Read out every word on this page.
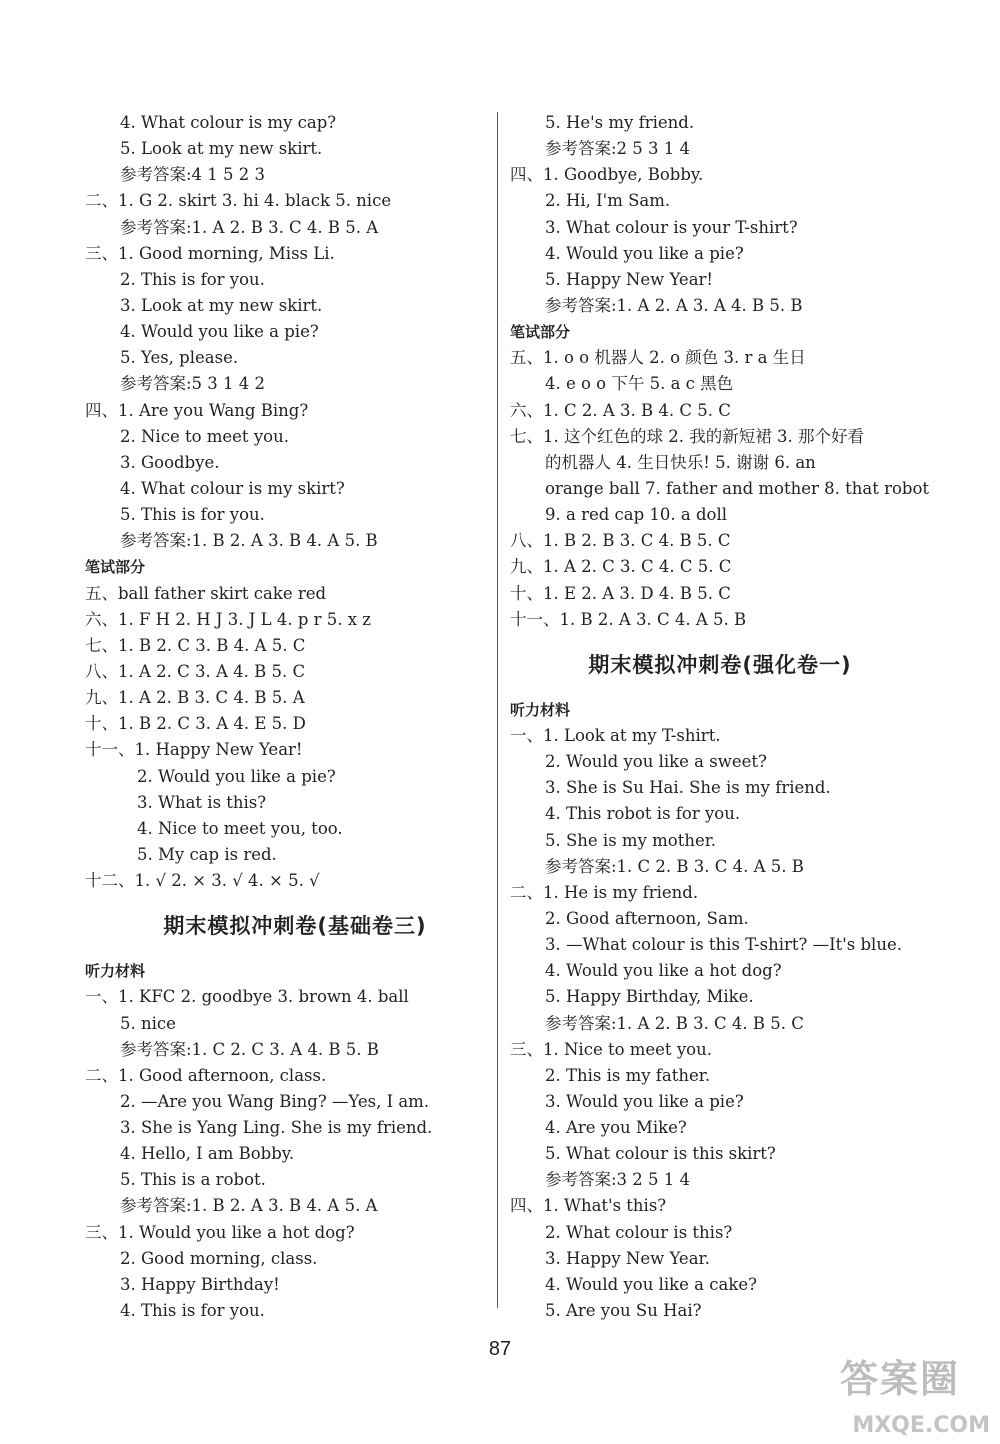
4. What colour is my cap?
5. Look at my new skirt.
参考答案:4 1 5 2 3
二、1. G 2. skirt 3. hi 4. black 5. nice
参考答案:1. A 2. B 3. C 4. B 5. A
三、1. Good morning, Miss Li.
2. This is for you.
3. Look at my new skirt.
4. Would you like a pie?
5. Yes, please.
参考答案:5 3 1 4 2
四、1. Are you Wang Bing?
2. Nice to meet you.
3. Goodbye.
4. What colour is my skirt?
5. This is for you.
参考答案:1. B 2. A 3. B 4. A 5. B
笔试部分
五、ball father skirt cake red
六、1. F H 2. H J 3. J L 4. p r 5. x z
七、1. B 2. C 3. B 4. A 5. C
八、1. A 2. C 3. A 4. B 5. C
九、1. A 2. B 3. C 4. B 5. A
十、1. B 2. C 3. A 4. E 5. D
十一、1. Happy New Year!
2. Would you like a pie?
3. What is this?
4. Nice to meet you, too.
5. My cap is red.
十二、1. √ 2. × 3. √ 4. × 5. √
期末模拟冲刺卷(基础卷三)
听力材料
一、1. KFC 2. goodbye 3. brown 4. ball
5. nice
参考答案:1. C 2. C 3. A 4. B 5. B
二、1. Good afternoon, class.
2. —Are you Wang Bing? —Yes, I am.
3. She is Yang Ling. She is my friend.
4. Hello, I am Bobby.
5. This is a robot.
参考答案:1. B 2. A 3. B 4. A 5. A
三、1. Would you like a hot dog?
2. Good morning, class.
3. Happy Birthday!
4. This is for you.
5. He's my friend.
参考答案:2 5 3 1 4
四、1. Goodbye, Bobby.
2. Hi, I'm Sam.
3. What colour is your T-shirt?
4. Would you like a pie?
5. Happy New Year!
参考答案:1. A 2. A 3. A 4. B 5. B
笔试部分
五、1. o o 机器人 2. o 颜色 3. r a 生日
4. e o o 下午 5. a c 黑色
六、1. C 2. A 3. B 4. C 5. C
七、1. 这个红色的球 2. 我的新短裙 3. 那个好看
的机器人 4. 生日快乐! 5. 谢谢 6. an
orange ball 7. father and mother 8. that robot
9. a red cap 10. a doll
八、1. B 2. B 3. C 4. B 5. C
九、1. A 2. C 3. C 4. C 5. C
十、1. E 2. A 3. D 4. B 5. C
十一、1. B 2. A 3. C 4. A 5. B
期末模拟冲刺卷(强化卷一)
听力材料
一、1. Look at my T-shirt.
2. Would you like a sweet?
3. She is Su Hai. She is my friend.
4. This robot is for you.
5. She is my mother.
参考答案:1. C 2. B 3. C 4. A 5. B
二、1. He is my friend.
2. Good afternoon, Sam.
3. —What colour is this T-shirt? —It's blue.
4. Would you like a hot dog?
5. Happy Birthday, Mike.
参考答案:1. A 2. B 3. C 4. B 5. C
三、1. Nice to meet you.
2. This is my father.
3. Would you like a pie?
4. Are you Mike?
5. What colour is this skirt?
参考答案:3 2 5 1 4
四、1. What's this?
2. What colour is this?
3. Happy New Year.
4. Would you like a cake?
5. Are you Su Hai?
87
答案圈
MXQE.COM
